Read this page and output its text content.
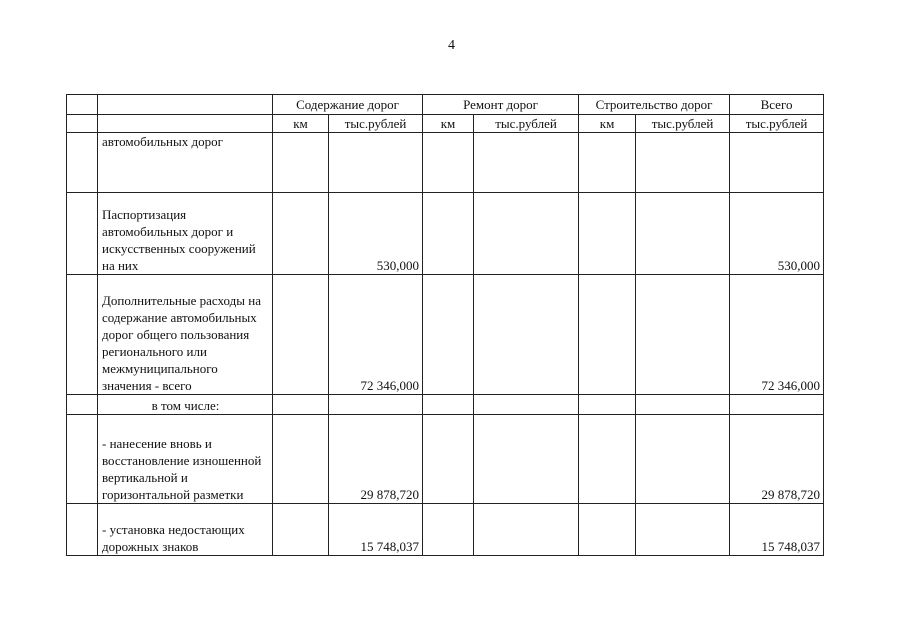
4
		Содержание дорог		Ремонт дорог		Строительство дорог		Всего
		км	тыс.рублей	км	тыс.рублей	км	тыс.рублей	тыс.рублей
	автомобильных дорог							
	Паспортизация автомобильных дорог и искусственных сооружений на них		530,000					530,000
	Дополнительные расходы на содержание автомобильных дорог общего пользования регионального или межмуниципального значения - всего		72 346,000					72 346,000
	в том числе:							
	- нанесение вновь и восстановление изношенной вертикальной и горизонтальной разметки		29 878,720					29 878,720
	- установка недостающих дорожных знаков		15 748,037					15 748,037
